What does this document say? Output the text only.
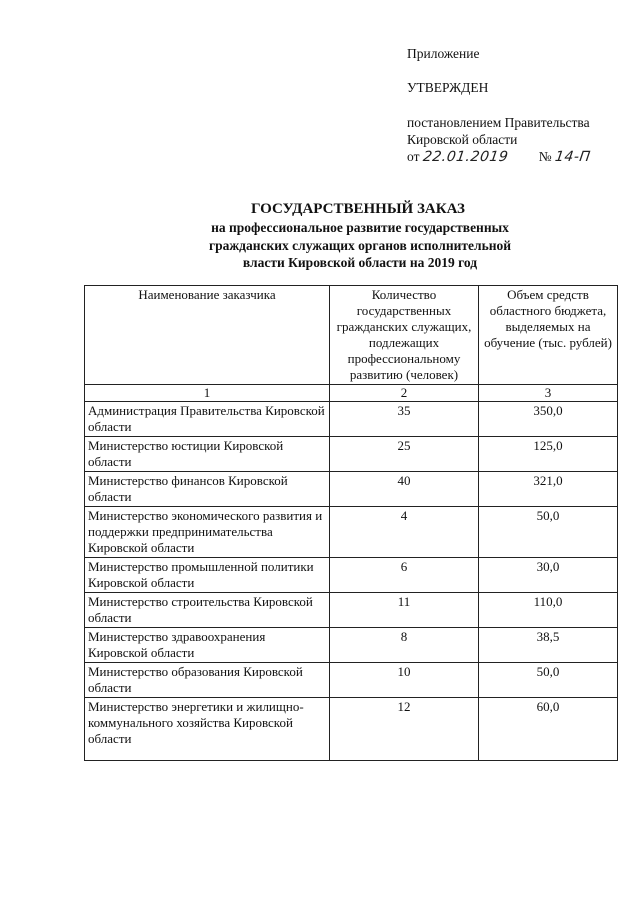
Приложение
УТВЕРЖДЕН
постановлением Правительства
Кировской области
от 22.01.2019 № 14-П
ГОСУДАРСТВЕННЫЙ ЗАКАЗ
на профессиональное развитие государственных
гражданских служащих органов исполнительной
власти Кировской области на 2019 год
Наименование заказчика	Количество государственных гражданских служащих, подлежащих профессиональному развитию (человек)	Объем средств областного бюджета, выделяемых на обучение (тыс. рублей)
1	2	3
Администрация Правительства Кировской области	35	350,0
Министерство юстиции Кировской области	25	125,0
Министерство финансов Кировской области	40	321,0
Министерство экономического развития и поддержки предпринимательства Кировской области	4	50,0
Министерство промышленной политики Кировской области	6	30,0
Министерство строительства Кировской области	11	110,0
Министерство здравоохранения Кировской области	8	38,5
Министерство образования Кировской области	10	50,0
Министерство энергетики и жилищно-коммунального хозяйства Кировской области	12	60,0
